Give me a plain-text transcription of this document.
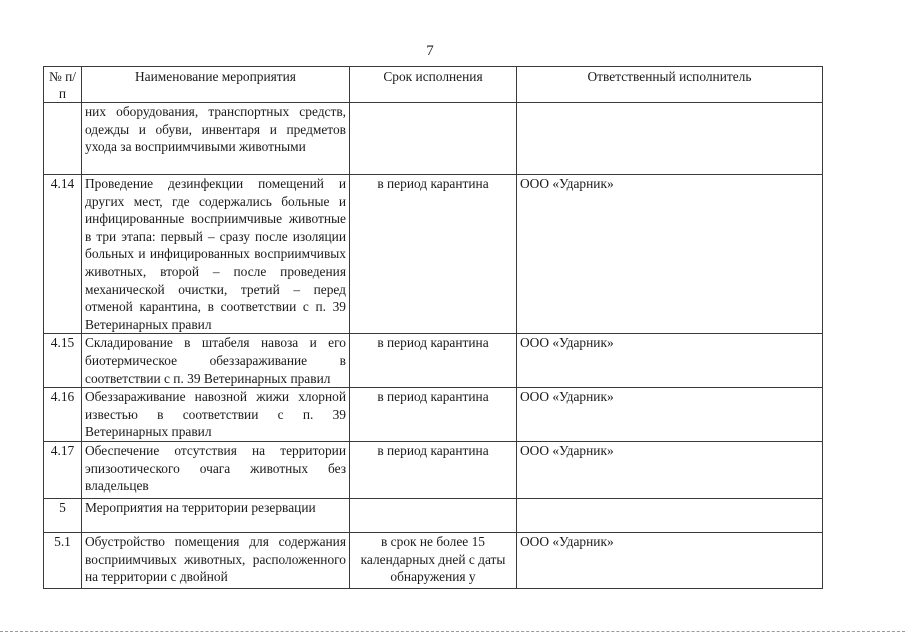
7
№ п/п	Наименование мероприятия	Срок исполнения	Ответственный исполнитель
	них оборудования, транспортных средств, одежды и обуви, инвентаря и предметов ухода за восприимчивыми животными		
4.14	Проведение дезинфекции помещений и других мест, где содержались больные и инфицированные восприимчивые животные в три этапа: первый – сразу после изоляции больных и инфицированных восприимчивых животных, второй – после проведения механической очистки, третий – перед отменой карантина, в соответствии с п. 39 Ветеринарных правил	в период карантина	ООО «Ударник»
4.15	Складирование в штабеля навоза и его биотермическое обеззараживание в соответствии с п. 39 Ветеринарных правил	в период карантина	ООО «Ударник»
4.16	Обеззараживание навозной жижи хлорной известью в соответствии с п. 39 Ветеринарных правил	в период карантина	ООО «Ударник»
4.17	Обеспечение отсутствия на территории эпизоотического очага животных без владельцев	в период карантина	ООО «Ударник»
5	Мероприятия на территории резервации		
5.1	Обустройство помещения для содержания восприимчивых животных, расположенного на территории с двойной	в срок не более 15 календарных дней с даты обнаружения у	ООО «Ударник»
